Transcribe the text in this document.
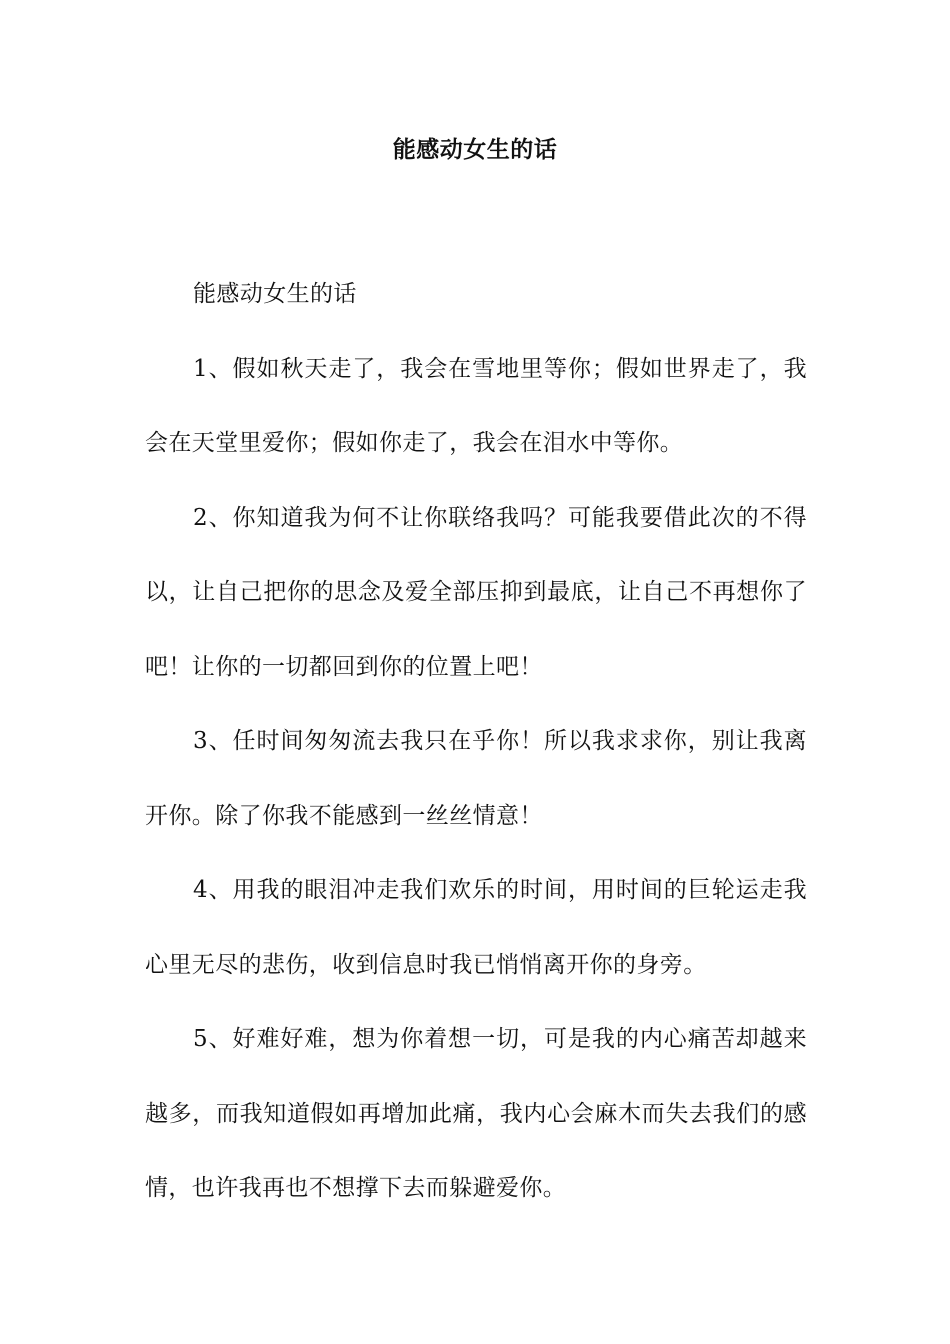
能感动女生的话

能感动女生的话

1、假如秋天走了，我会在雪地里等你；假如世界走了，我会在天堂里爱你；假如你走了，我会在泪水中等你。

2、你知道我为何不让你联络我吗？可能我要借此次的不得以，让自己把你的思念及爱全部压抑到最底，让自己不再想你了吧！让你的一切都回到你的位置上吧！

3、任时间匆匆流去我只在乎你！所以我求求你，别让我离开你。除了你我不能感到一丝丝情意！

4、用我的眼泪冲走我们欢乐的时间，用时间的巨轮运走我心里无尽的悲伤，收到信息时我已悄悄离开你的身旁。

5、好难好难，想为你着想一切，可是我的内心痛苦却越来越多，而我知道假如再增加此痛，我内心会麻木而失去我们的感情，也许我再也不想撑下去而躲避爱你。
